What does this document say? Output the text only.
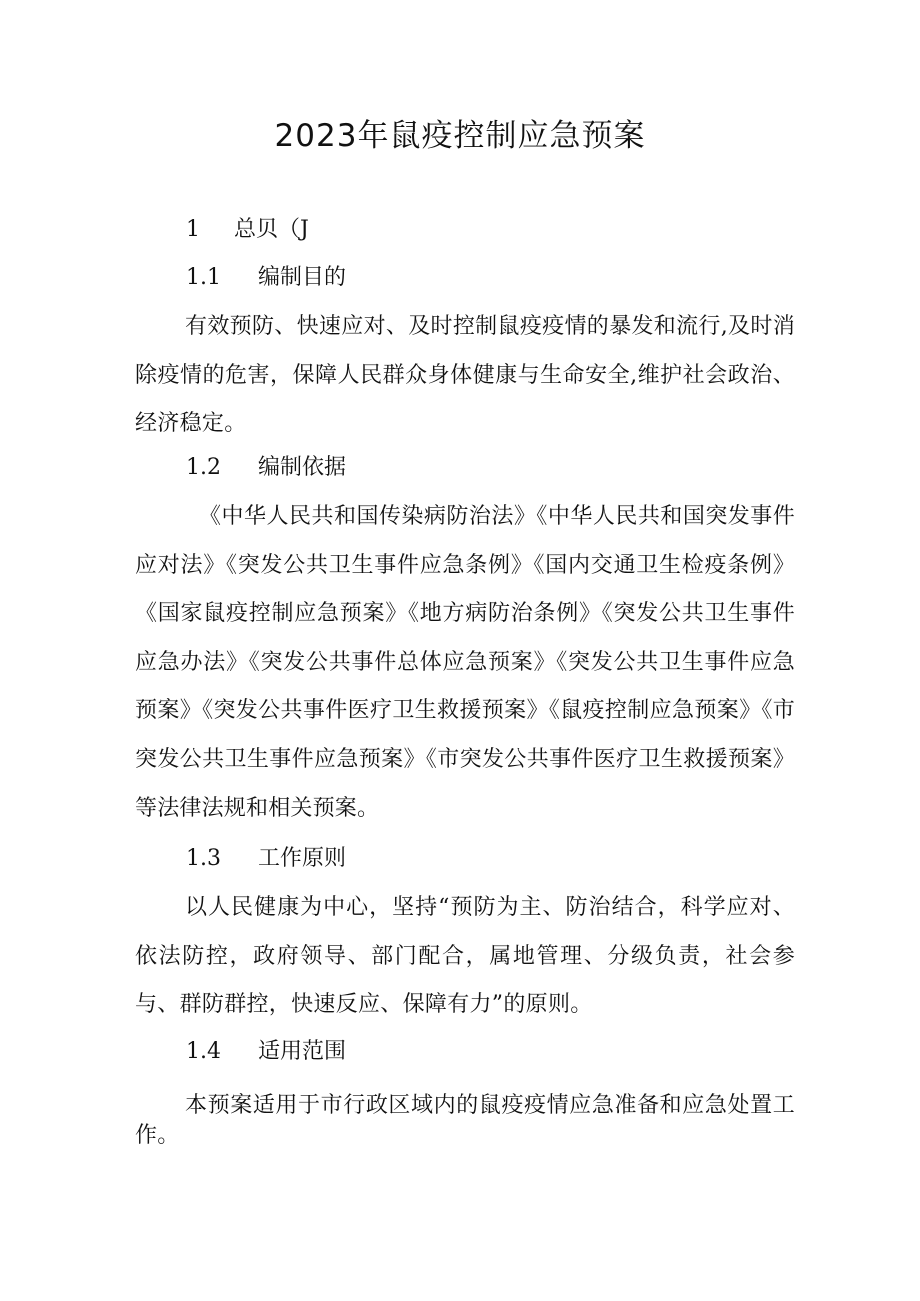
2023年鼠疫控制应急预案
1 总贝（J
1.1 编制目的
有效预防、快速应对、及时控制鼠疫疫情的暴发和流行,及时消除疫情的危害，保障人民群众身体健康与生命安全,维护社会政治、经济稳定。
1.2 编制依据
《中华人民共和国传染病防治法》《中华人民共和国突发事件应对法》《突发公共卫生事件应急条例》《国内交通卫生检疫条例》《国家鼠疫控制应急预案》《地方病防治条例》《突发公共卫生事件应急办法》《突发公共事件总体应急预案》《突发公共卫生事件应急预案》《突发公共事件医疗卫生救援预案》《鼠疫控制应急预案》《市突发公共卫生事件应急预案》《市突发公共事件医疗卫生救援预案》等法律法规和相关预案。
1.3 工作原则
以人民健康为中心，坚持“预防为主、防治结合，科学应对、依法防控，政府领导、部门配合，属地管理、分级负责，社会参与、群防群控，快速反应、保障有力”的原则。
1.4 适用范围
本预案适用于市行政区域内的鼠疫疫情应急准备和应急处置工作。
